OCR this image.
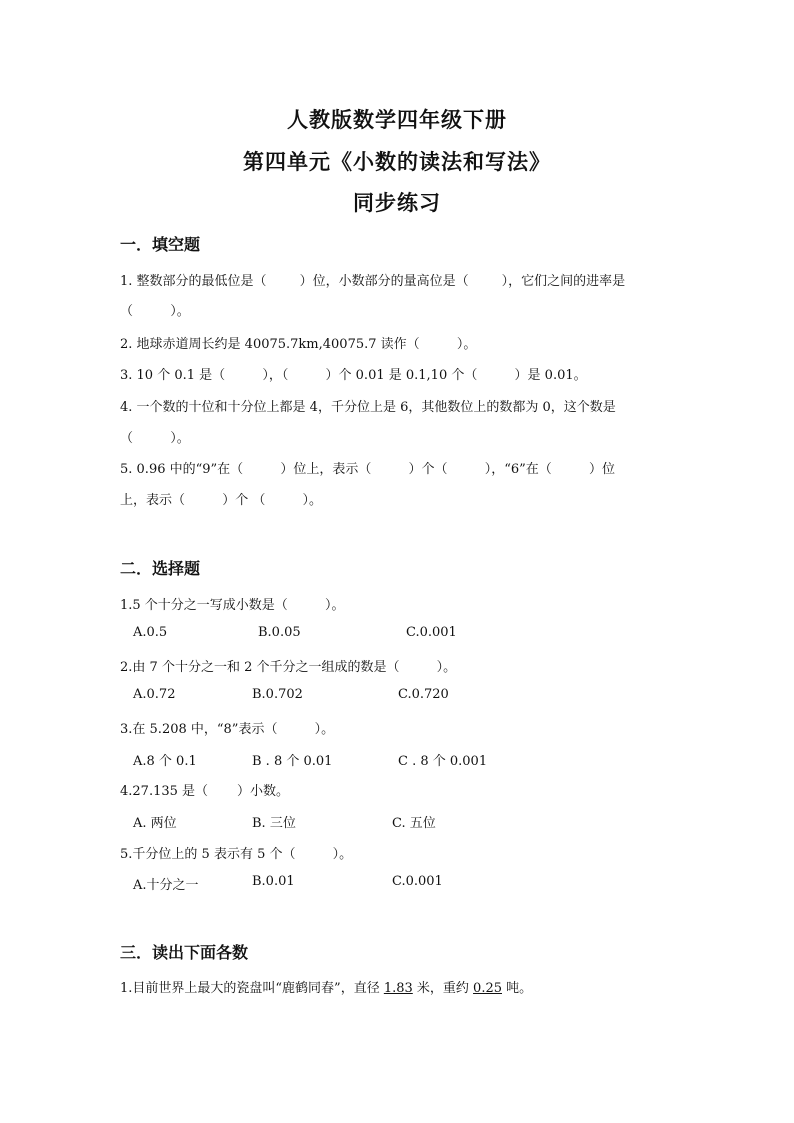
人教版数学四年级下册
第四单元《小数的读法和写法》
同步练习
一．填空题
1. 整数部分的最低位是（        ）位，小数部分的量高位是（        ），它们之间的进率是
（         ）。
2. 地球赤道周长约是 40075.7km,40075.7 读作（         ）。
3. 10 个 0.1 是（         ），（         ）个 0.01 是 0.1,10 个（         ）是 0.01。
4. 一个数的十位和十分位上都是 4，千分位上是 6，其他数位上的数都为 0，这个数是
（         ）。
5. 0.96 中的“9”在（         ）位上，表示（         ）个（         ），“6”在（         ）位
上，表示（         ）个 （         ）。
二．选择题
1.5 个十分之一写成小数是（         ）。
A.0.5	B.0.05	C.0.001
2.由 7 个十分之一和 2 个千分之一组成的数是（         ）。
A.0.72	B.0.702	C.0.720
3.在 5.208 中，“8”表示（         ）。
A.8 个 0.1	B . 8 个 0.01	C . 8 个 0.001
4.27.135 是（       ）小数。
A. 两位	B. 三位	C. 五位
5.千分位上的 5 表示有 5 个（         ）。
A.十分之一	B.0.01	C.0.001
三．读出下面各数
1.目前世界上最大的瓷盘叫“鹿鹤同春”，直径 1.83 米，重约 0.25 吨。
